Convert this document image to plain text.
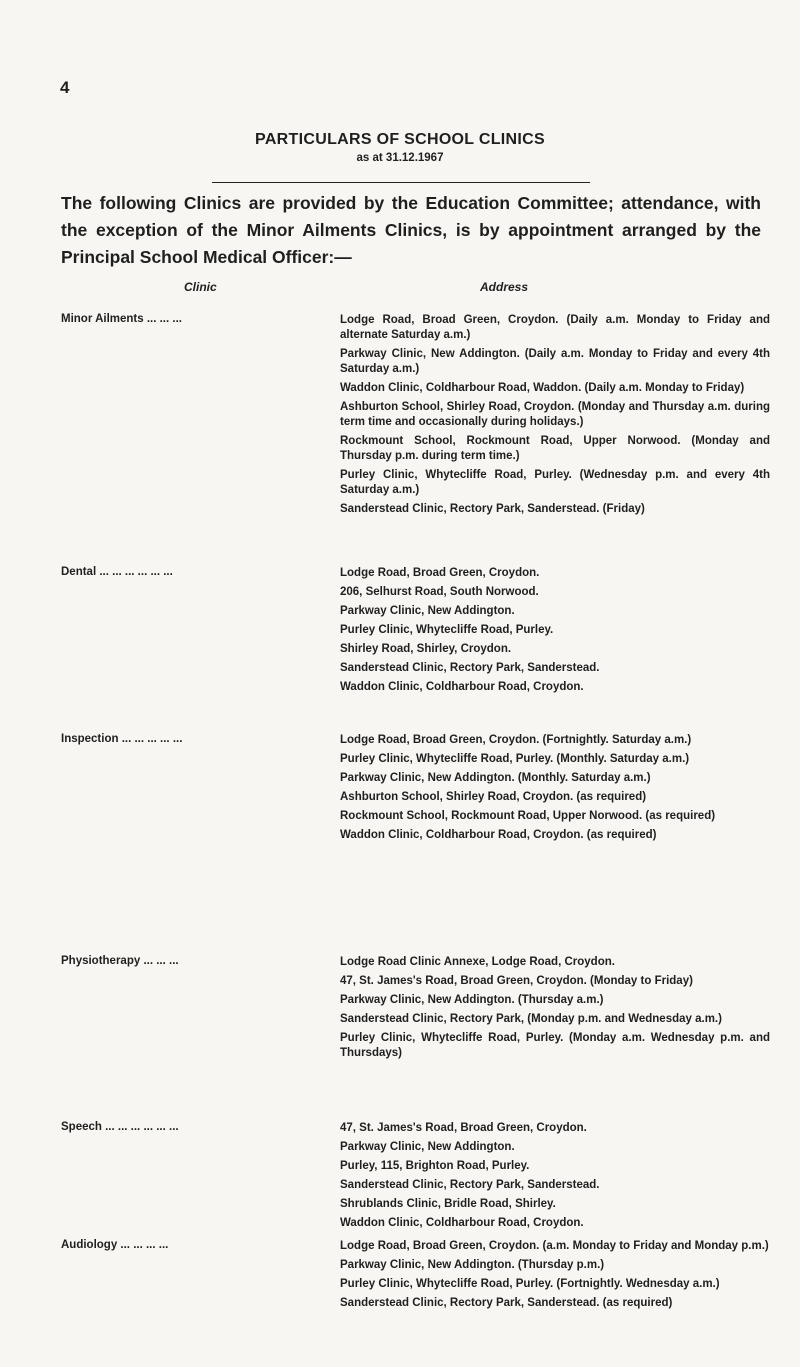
4
PARTICULARS OF SCHOOL CLINICS
as at 31.12.1967
The following Clinics are provided by the Education Committee; attendance, with the exception of the Minor Ailments Clinics, is by appointment arranged by the Principal School Medical Officer:—
Clinic	Address
Minor Ailments ... ... ...	Lodge Road, Broad Green, Croydon. (Daily a.m. Monday to Friday and alternate Saturday a.m.)

Parkway Clinic, New Addington. (Daily a.m. Monday to Friday and every 4th Saturday a.m.)

Waddon Clinic, Coldharbour Road, Waddon. (Daily a.m. Monday to Friday)

Ashburton School, Shirley Road, Croydon. (Monday and Thursday a.m. during term time and occasionally during holidays.)

Rockmount School, Rockmount Road, Upper Norwood. (Monday and Thursday p.m. during term time.)

Purley Clinic, Whytecliffe Road, Purley. (Wednesday p.m. and every 4th Saturday a.m.)

Sanderstead Clinic, Rectory Park, Sanderstead. (Friday)

Dental ... ... ... ... ... ...	Lodge Road, Broad Green, Croydon.

206, Selhurst Road, South Norwood.

Parkway Clinic, New Addington.

Purley Clinic, Whytecliffe Road, Purley.

Shirley Road, Shirley, Croydon.

Sanderstead Clinic, Rectory Park, Sanderstead.

Waddon Clinic, Coldharbour Road, Croydon.

Inspection ... ... ... ... ...	Lodge Road, Broad Green, Croydon. (Fortnightly. Saturday a.m.)

Purley Clinic, Whytecliffe Road, Purley. (Monthly. Saturday a.m.)

Parkway Clinic, New Addington. (Monthly. Saturday a.m.)

Ashburton School, Shirley Road, Croydon. (as required)

Rockmount School, Rockmount Road, Upper Norwood. (as required)

Waddon Clinic, Coldharbour Road, Croydon. (as required)

Physiotherapy ... ... ...	Lodge Road Clinic Annexe, Lodge Road, Croydon.

47, St. James's Road, Broad Green, Croydon. (Monday to Friday)

Parkway Clinic, New Addington. (Thursday a.m.)

Sanderstead Clinic, Rectory Park, (Monday p.m. and Wednesday a.m.)

Purley Clinic, Whytecliffe Road, Purley. (Monday a.m. Wednesday p.m. and Thursdays)

Speech ... ... ... ... ... ...	47, St. James's Road, Broad Green, Croydon.

Parkway Clinic, New Addington.

Purley, 115, Brighton Road, Purley.

Sanderstead Clinic, Rectory Park, Sanderstead.

Shrublands Clinic, Bridle Road, Shirley.

Waddon Clinic, Coldharbour Road, Croydon.

Audiology ... ... ... ...	Lodge Road, Broad Green, Croydon. (a.m. Monday to Friday and Monday p.m.)

Parkway Clinic, New Addington. (Thursday p.m.)

Purley Clinic, Whytecliffe Road, Purley. (Fortnightly. Wednesday a.m.)

Sanderstead Clinic, Rectory Park, Sanderstead. (as required)
